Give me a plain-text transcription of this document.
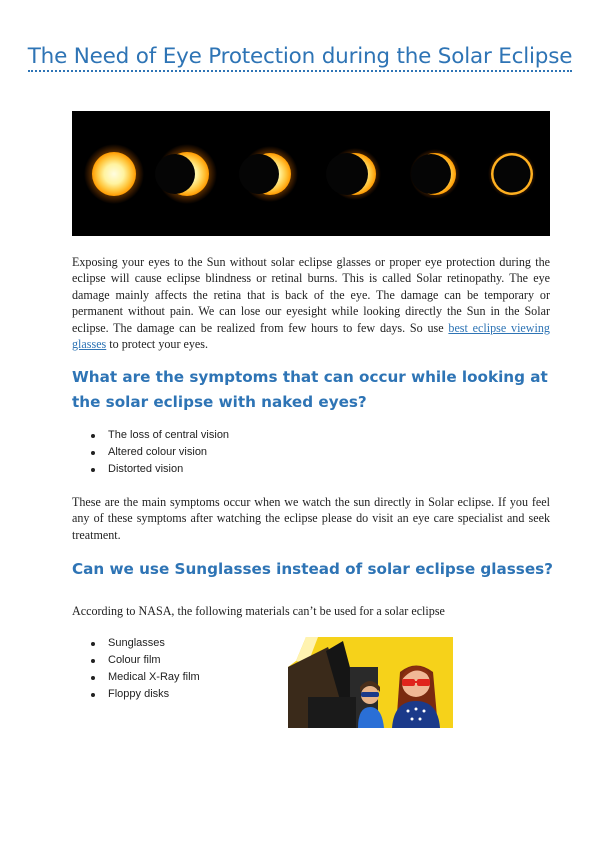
The Need of Eye Protection during the Solar Eclipse

Exposing your eyes to the Sun without solar eclipse glasses or proper eye protection during the eclipse will cause eclipse blindness or retinal burns. This is called Solar retinopathy. The eye damage mainly affects the retina that is back of the eye. The damage can be temporary or permanent without pain. We can lose our eyesight while looking directly the Sun in the Solar eclipse. The damage can be realized from few hours to few days. So use best eclipse viewing glasses to protect your eyes.

What are the symptoms that can occur while looking at the solar eclipse with naked eyes?
The loss of central vision
Altered colour vision
Distorted vision

These are the main symptoms occur when we watch the sun directly in Solar eclipse. If you feel any of these symptoms after watching the eclipse please do visit an eye care specialist and seek treatment.

Can we use Sunglasses instead of solar eclipse glasses?

According to NASA, the following materials can’t be used for a solar eclipse

Sunglasses
Colour film
Medical X-Ray film
Floppy disks
